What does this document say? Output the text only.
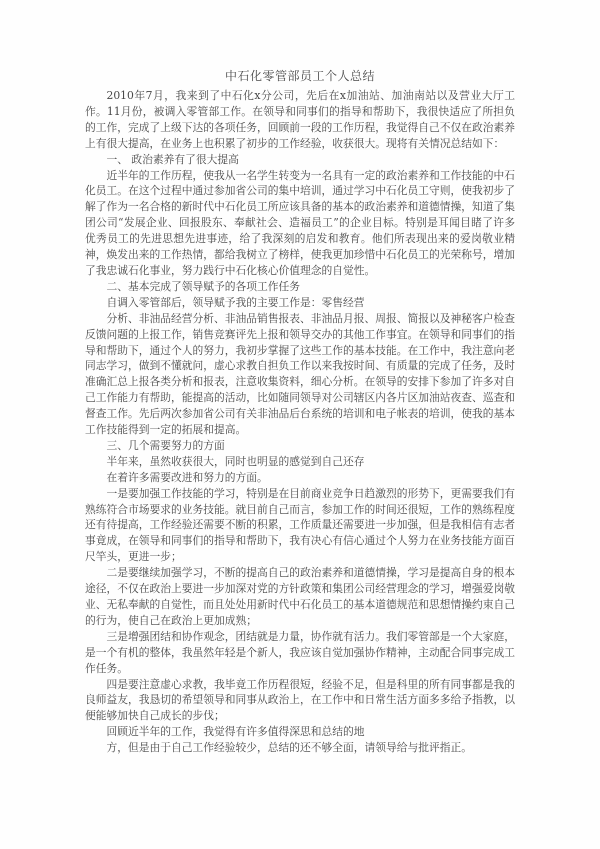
中石化零管部员工个人总结

2010年7月，我来到了中石化x分公司，先后在x加油站、加油南站以及营业大厅工作。11月份，被调入零管部工作。在领导和同事们的指导和帮助下，我很快适应了所担负的工作，完成了上级下达的各项任务，回顾前一段的工作历程，我觉得自己不仅在政治素养上有很大提高，在业务上也积累了初步的工作经验，收获很大。现将有关情况总结如下：

一、 政治素养有了很大提高

近半年的工作历程，使我从一名学生转变为一名具有一定的政治素养和工作技能的中石化员工。在这个过程中通过参加省公司的集中培训，通过学习中石化员工守则，使我初步了解了作为一名合格的新时代中石化员工所应该具备的基本的政治素养和道德情操，知道了集团公司“发展企业、回报股东、奉献社会、造福员工”的企业目标。特别是耳闻目睹了许多优秀员工的先进思想先进事迹，给了我深刻的启发和教育。他们所表现出来的爱岗敬业精神，焕发出来的工作热情，都给我树立了榜样，使我更加珍惜中石化员工的光荣称号，增加了我忠诚石化事业，努力践行中石化核心价值理念的自觉性。

二、基本完成了领导赋予的各项工作任务

自调入零管部后，领导赋予我的主要工作是：零售经营

分析、非油品经营分析、非油品销售报表、非油品月报、周报、简报以及神秘客户检查反馈问题的上报工作，销售竞赛评先上报和领导交办的其他工作事宜。在领导和同事们的指导和帮助下，通过个人的努力，我初步掌握了这些工作的基本技能。在工作中，我注意向老同志学习，做到不懂就问，虚心求教自担负工作以来我按时间、有质量的完成了任务，及时准确汇总上报各类分析和报表，注意收集资料，细心分析。在领导的安排下参加了许多对自己工作能力有帮助，能提高的活动，比如随同领导对公司辖区内各片区加油站夜查、巡查和督查工作。先后两次参加省公司有关非油品后台系统的培训和电子帐表的培训，使我的基本工作技能得到一定的拓展和提高。

三、几个需要努力的方面

半年来，虽然收获很大，同时也明显的感觉到自己还存

在着许多需要改进和努力的方面。

一是要加强工作技能的学习，特别是在目前商业竞争日趋激烈的形势下，更需要我们有熟练符合市场要求的业务技能。就目前自己而言，参加工作的时间还很短，工作的熟练程度还有待提高，工作经验还需要不断的积累，工作质量还需要进一步加强，但是我相信有志者事竟成，在领导和同事们的指导和帮助下，我有决心有信心通过个人努力在业务技能方面百尺竿头，更进一步；

二是要继续加强学习，不断的提高自己的政治素养和道德情操，学习是提高自身的根本途径，不仅在政治上要进一步加深对党的方针政策和集团公司经营理念的学习，增强爱岗敬业、无私奉献的自觉性，而且处处用新时代中石化员工的基本道德规范和思想情操约束自己的行为，使自己在政治上更加成熟；

三是增强团结和协作观念，团结就是力量，协作就有活力。我们零管部是一个大家庭，是一个有机的整体，我虽然年轻是个新人，我应该自觉加强协作精神，主动配合同事完成工作任务。

四是要注意虚心求教，我毕竟工作历程很短，经验不足，但是科里的所有同事都是我的良师益友，我恳切的希望领导和同事从政治上，在工作中和日常生活方面多多给予指教，以便能够加快自己成长的步伐；

回顾近半年的工作，我觉得有许多值得深思和总结的地

方，但是由于自己工作经验较少，总结的还不够全面，请领导给与批评指正。
